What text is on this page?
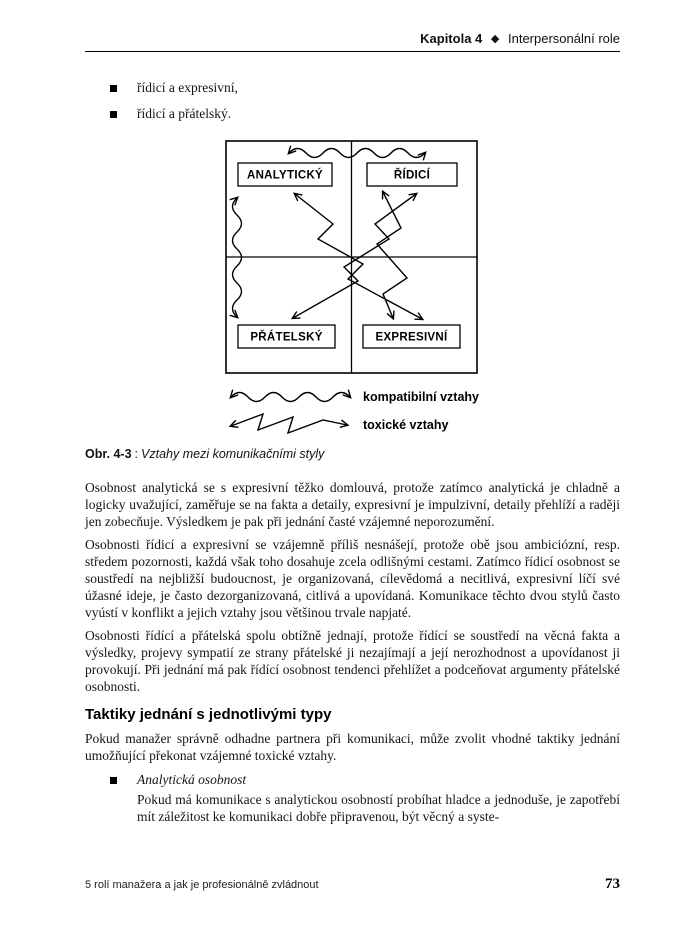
Kapitola 4 ◆ Interpersonální role
řídicí a expresivní,
řídicí a přátelský.
ANALYTICKÝ	ŘÍDICÍ
PŘÁTELSKÝ	EXPRESIVNÍ
kompatibilní vztahy
toxické vztahy
Obr. 4-3 : Vztahy mezi komunikačními styly

Osobnost analytická se s expresivní těžko domlouvá, protože zatímco analytická je chladně a logicky uvažující, zaměřuje se na fakta a detaily, expresivní je impulzivní, detaily přehlíží a raději jen zobecňuje. Výsledkem je pak při jednání časté vzájemné neporozumění.

Osobnosti řídicí a expresivní se vzájemně příliš nesnášejí, protože obě jsou ambiciózní, resp. středem pozornosti, každá však toho dosahuje zcela odlišnými cestami. Zatímco řídicí osobnost se soustředí na nejbližší budoucnost, je organizovaná, cílevědomá a necitlivá, expresivní líčí své úžasné ideje, je často dezorganizovaná, citlivá a upovídaná. Komunikace těchto dvou stylů často vyústí v konflikt a jejich vztahy jsou většinou trvale napjaté.

Osobnosti řídící a přátelská spolu obtížně jednají, protože řídící se soustředí na věcná fakta a výsledky, projevy sympatií ze strany přátelské ji nezajímají a její nerozhodnost a upovídanost ji provokují. Při jednání má pak řídící osobnost tendenci přehlížet a podceňovat argumenty přátelské osobnosti.

Taktiky jednání s jednotlivými typy

Pokud manažer správně odhadne partnera při komunikaci, může zvolit vhodné taktiky jednání umožňující překonat vzájemné toxické vztahy.

Analytická osobnost

Pokud má komunikace s analytickou osobností probíhat hladce a jednoduše, je zapotřebí mít záležitost ke komunikaci dobře připravenou, být věcný a syste-

5 rolí manažera a jak je profesionálně zvládnout	73
